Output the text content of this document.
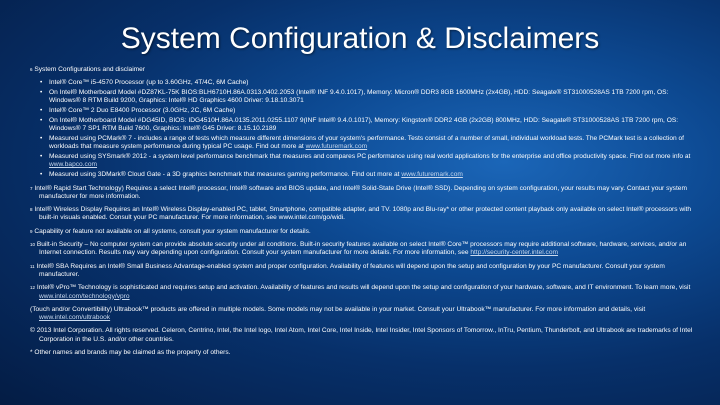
System Configuration & Disclaimers

$^6$ System Configurations and disclaimer

• Intel® Core™ i5-4570 Processor (up to 3.60GHz, 4T/4C, 6M Cache)
• On Intel® Motherboard Model #DZ87KL-75K BIOS:BLH6710H.86A.0313.0402.2053 (Intel® INF 9.4.0.1017), Memory: Micron® DDR3 8GB 1600MHz (2x4GB), HDD: Seagate® ST31000528AS 1TB 7200 rpm, OS: Windows® 8 RTM Build 9200, Graphics: Intel® HD Graphics 4600 Driver: 9.18.10.3071
• Intel® Core™ 2 Duo E8400 Processor (3.0GHz, 2C, 6M Cache)
• On Intel® Motherboard Model #DG45ID, BIOS: IDG4510H.86A.0135.2011.0255.1107 9(INF Intel® 9.4.0.1017), Memory: Kingston® DDR2 4GB (2x2GB) 800MHz, HDD: Seagate® ST31000528AS 1TB 7200 rpm, OS: Windows® 7 SP1 RTM Build 7600, Graphics: Intel® G45 Driver: 8.15.10.2189
• Measured using PCMark® 7 - includes a range of tests which measure different dimensions of your system's performance. Tests consist of a number of small, individual workload tests. The PCMark test is a collection of workloads that measure system performance during typical PC usage. Find out more at www.futuremark.com
• Measured using SYSmark® 2012 - a system level performance benchmark that measures and compares PC performance using real world applications for the enterprise and office productivity space. Find out more info at www.bapco.com
• Measured using 3DMark® Cloud Gate - a 3D graphics benchmark that measures gaming performance. Find out more at www.futuremark.com

$^7$ Intel® Rapid Start Technology) Requires a select Intel® processor, Intel® software and BIOS update, and Intel® Solid-State Drive (Intel® SSD). Depending on system configuration, your results may vary. Contact your system manufacturer for more information.

$^8$ Intel® Wireless Display Requires an Intel® Wireless Display-enabled PC, tablet, Smartphone, compatible adapter, and TV. 1080p and Blu-ray* or other protected content playback only available on select Intel® processors with built-in visuals enabled. Consult your PC manufacturer. For more information, see www.intel.com/go/widi.

$^9$ Capability or feature not available on all systems, consult your system manufacturer for details.

$^{10}$ Built-in Security – No computer system can provide absolute security under all conditions. Built-in security features available on select Intel® Core™ processors may require additional software, hardware, services, and/or an Internet connection. Results may vary depending upon configuration. Consult your system manufacturer for more details. For more information, see http://security-center.intel.com

$^{11}$ Intel® SBA Requires an Intel® Small Business Advantage-enabled system and proper configuration. Availability of features will depend upon the setup and configuration by your PC manufacturer. Consult your system manufacturer.

$^{12}$ Intel® vPro™ Technology is sophisticated and requires setup and activation. Availability of features and results will depend upon the setup and configuration of your hardware, software, and IT environment. To learn more, visit www.intel.com/technology/vpro

(Touch and/or Convertibility) Ultrabook™ products are offered in multiple models. Some models may not be available in your market. Consult your Ultrabook™ manufacturer. For more information and details, visit www.intel.com/ultrabook

© 2013 Intel Corporation. All rights reserved. Celeron, Centrino, Intel, the Intel logo, Intel Atom, Intel Core, Intel Inside, Intel Insider, Intel Sponsors of Tomorrow., InTru, Pentium, Thunderbolt, and Ultrabook are trademarks of Intel Corporation in the U.S. and/or other countries.

* Other names and brands may be claimed as the property of others.
